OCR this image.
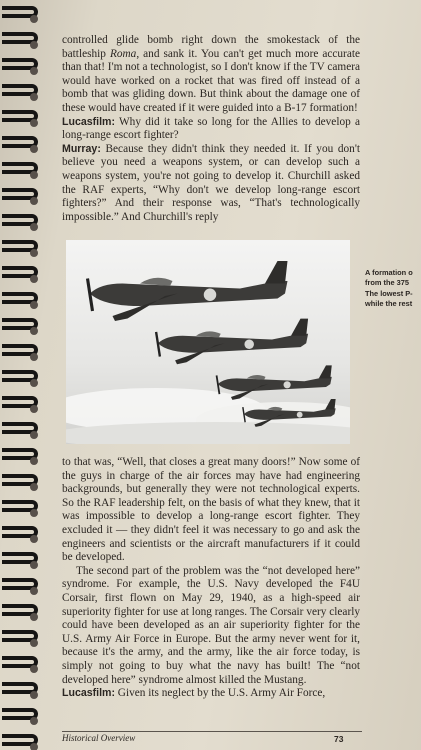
controlled glide bomb right down the smokestack of the battleship Roma, and sank it. You can't get much more accurate than that! I'm not a technologist, so I don't know if the TV camera would have worked on a rocket that was fired off instead of a bomb that was gliding down. But think about the damage one of these would have created if it were guided into a B-17 formation!

Lucasfilm: Why did it take so long for the Allies to develop a long-range escort fighter?

Murray: Because they didn't think they needed it. If you don't believe you need a weapons system, or can develop such a weapons system, you're not going to develop it. Churchill asked the RAF experts, “Why don't we develop long-range escort fighters?” And their response was, “That's technologically impossible.” And Churchill's reply

A formation o
from the 375
The lowest P-
while the rest

to that was, “Well, that closes a great many doors!” Now some of the guys in charge of the air forces may have had engineering backgrounds, but generally they were not technological experts. So the RAF leadership felt, on the basis of what they knew, that it was impossible to develop a long-range escort fighter. They excluded it — they didn't feel it was necessary to go and ask the engineers and scientists or the aircraft manufacturers if it could be developed.

The second part of the problem was the “not developed here” syndrome. For example, the U.S. Navy developed the F4U Corsair, first flown on May 29, 1940, as a high-speed air superiority fighter for use at long ranges. The Corsair very clearly could have been developed as an air superiority fighter for the U.S. Army Air Force in Europe. But the army never went for it, because it's the army, and the army, like the air force today, is simply not going to buy what the navy has built! The “not developed here” syndrome almost killed the Mustang.

Lucasfilm: Given its neglect by the U.S. Army Air Force,

Historical Overview	73
